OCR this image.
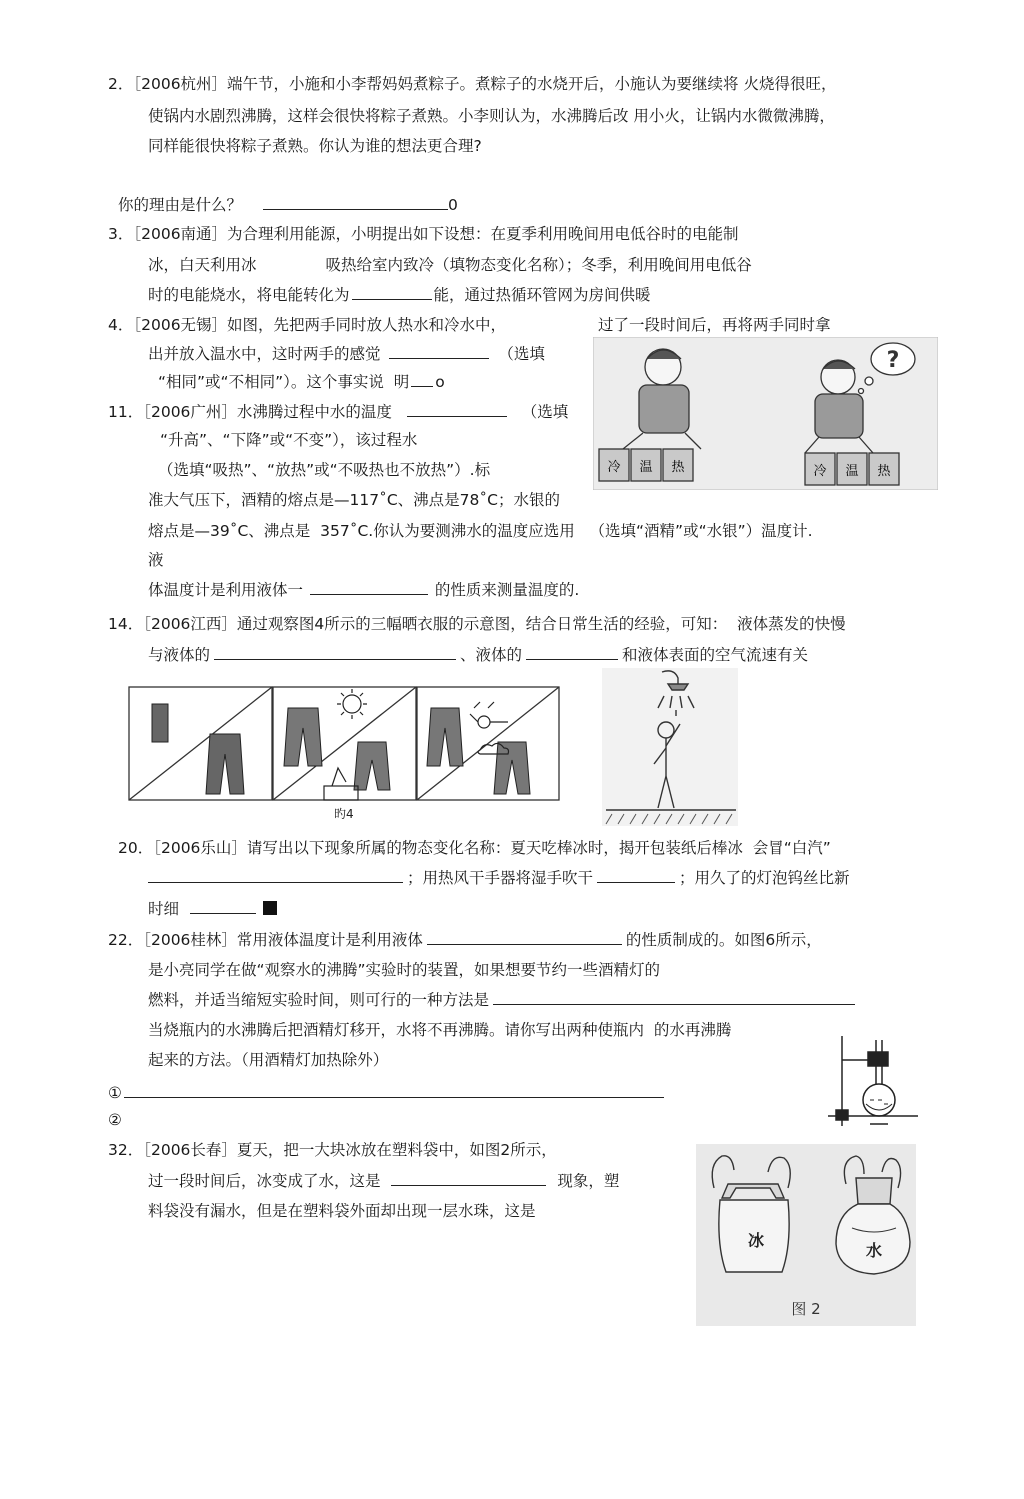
2．［2006杭州］端午节，小施和小李帮妈妈煮粽子。煮粽子的水烧开后，小施认为要继续将 火烧得很旺，
使锅内水剧烈沸腾，这样会很快将粽子煮熟。小李则认为，水沸腾后改 用小火，让锅内水微微沸腾，
同样能很快将粽子煮熟。你认为谁的想法更合理?
你的理由是什么？	0
3．［2006南通］为合理利用能源，小明提出如下设想：在夏季利用晚间用电低谷时的电能制
冰，白天利用冰              吸热给室内致冷（填物态变化名称）；冬季，利用晚间用电低谷
时的电能烧水，将电能转化为	能，通过热循环管网为房间供暖
4．［2006无锡］如图，先把两手同时放人热水和冷水中，	过了一段时间后，再将两手同时拿
出并放入温水中，这时两手的感觉	（选填
“相同”或“不相同”）。这个事实说  明 o
?
冷 温 热	冷 温 热
11．［2006广州］水沸腾过程中水的温度	（选填
“升高”、“下降”或“不变”），该过程水
（选填“吸热”、“放热”或“不吸热也不放热”）.标
准大气压下，酒精的熔点是—117˚C、沸点是78˚C；水银的
熔点是—39˚C、沸点是  357˚C.你认为要测沸水的温度应选用   （选填“酒精”或“水银”）温度计.
液
体温度计是利用液体一	的性质来测量温度的.
14．［2006江西］通过观察图4所示的三幅晒衣服的示意图，结合日常生活的经验，可知：  液体蒸发的快慢
与液体的	、液体的	和液体表面的空气流速有关
旳4
20．［2006乐山］请写出以下现象所属的物态变化名称：夏天吃棒冰时，揭开包装纸后棒冰  会冒“白汽”
；用热风干手器将湿手吹干	；用久了的灯泡钨丝比新
时细
22．［2006桂林］常用液体温度计是利用液体	的性质制成的。如图6所示，
是小亮同学在做“观察水的沸腾”实验时的装置，如果想要节约一些酒精灯的
燃料，并适当缩短实验时间，则可行的一种方法是
当烧瓶内的水沸腾后把酒精灯移开，水将不再沸腾。请你写出两种使瓶内  的水再沸腾
起来的方法。（用酒精灯加热除外）
①
②
32．［2006长春］夏天，把一大块冰放在塑料袋中，如图2所示，
过一段时间后，冰变成了水，这是	现象，塑
料袋没有漏水，但是在塑料袋外面却出现一层水珠，这是
冰
水
图 2
